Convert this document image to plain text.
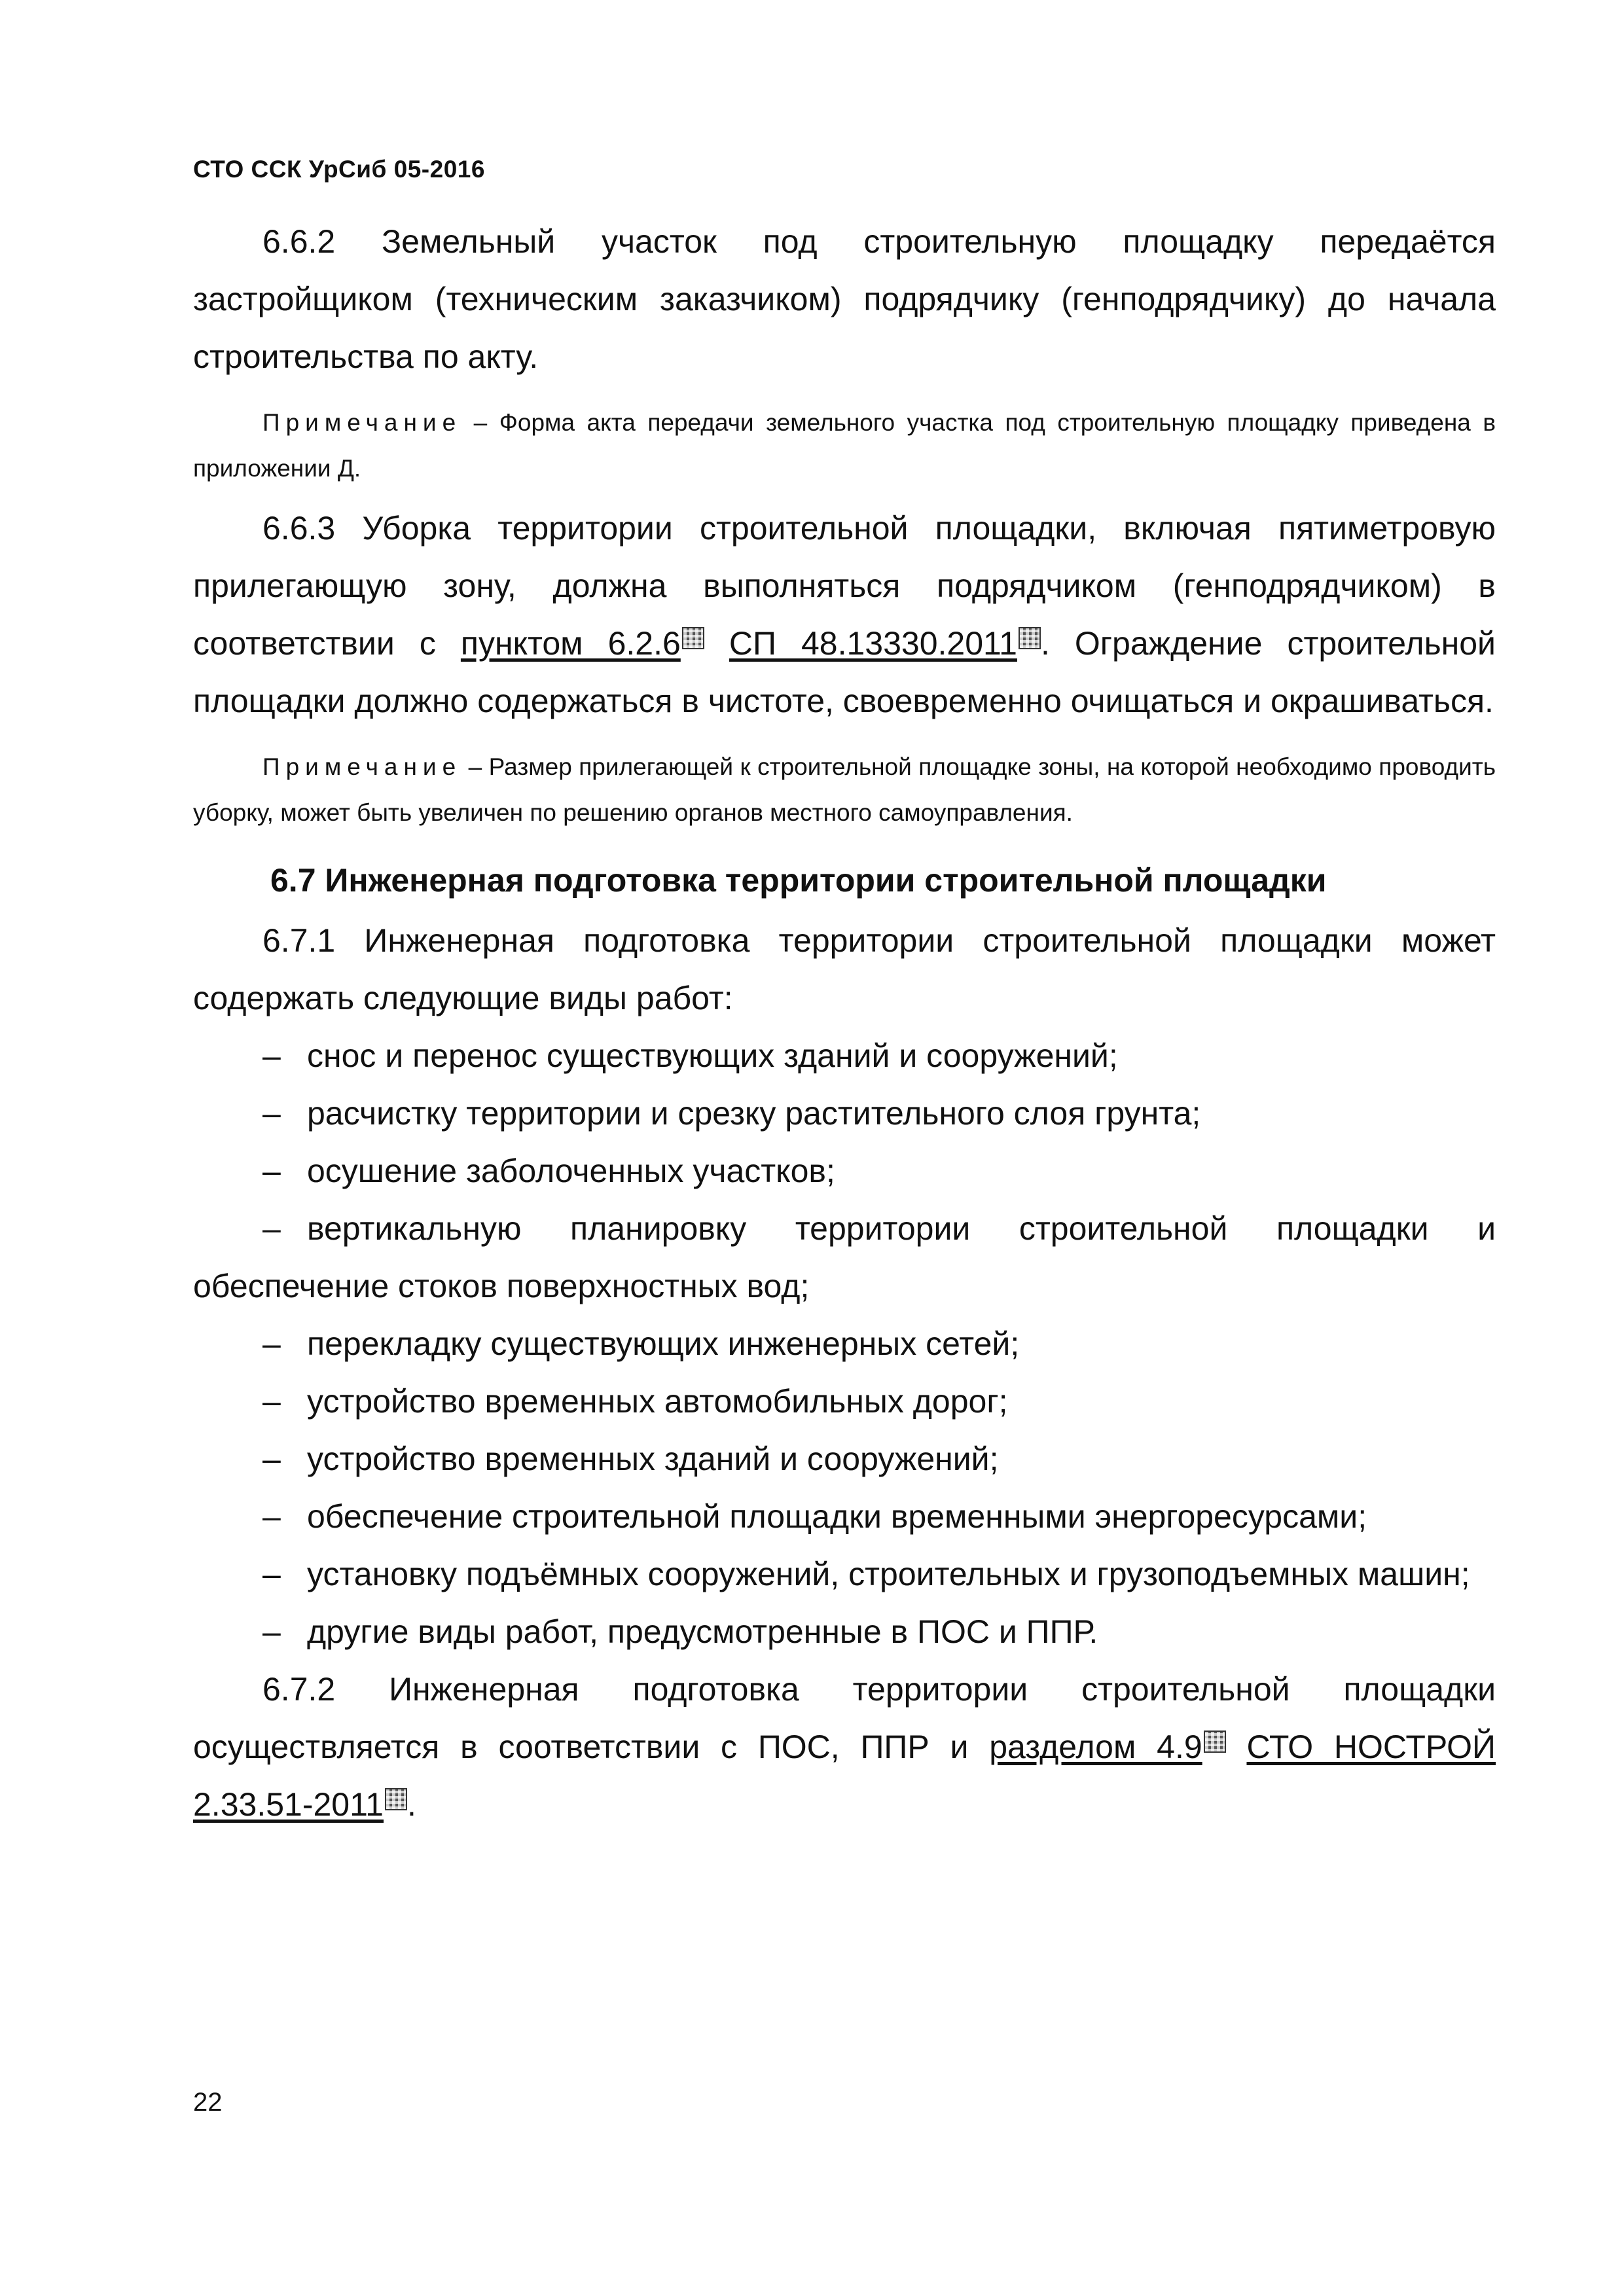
СТО ССК УрСиб 05-2016

6.6.2 Земельный участок под строительную площадку передаётся застройщиком (техническим заказчиком) подрядчику (генподрядчику) до начала строительства по акту.

Примечание – Форма акта передачи земельного участка под строительную площадку приведена в приложении Д.

6.6.3 Уборка территории строительной площадки, включая пятиметровую прилегающую зону, должна выполняться подрядчиком (генподрядчиком) в соответствии с пунктом 6.2.6 СП 48.13330.2011 . Ограждение строительной площадки должно содержаться в чистоте, своевременно очищаться и окрашиваться.

Примечание – Размер прилегающей к строительной площадке зоны, на которой необходимо проводить уборку, может быть увеличен по решению органов местного самоуправления.

6.7 Инженерная подготовка территории строительной площадки

6.7.1 Инженерная подготовка территории строительной площадки может содержать следующие виды работ:

– снос и перенос существующих зданий и сооружений;

– расчистку территории и срезку растительного слоя грунта;

– осушение заболоченных участков;

– вертикальную планировку территории строительной площадки и обеспечение стоков поверхностных вод;

– перекладку существующих инженерных сетей;

– устройство временных автомобильных дорог;

– устройство временных зданий и сооружений;

– обеспечение строительной площадки временными энергоресурсами;

– установку подъёмных сооружений, строительных и грузоподъемных машин;

– другие виды работ, предусмотренные в ПОС и ППР.

6.7.2 Инженерная подготовка территории строительной площадки осуществляется в соответствии с ПОС, ППР и разделом 4.9 СТО НОСТРОЙ 2.33.51-2011 .

22
